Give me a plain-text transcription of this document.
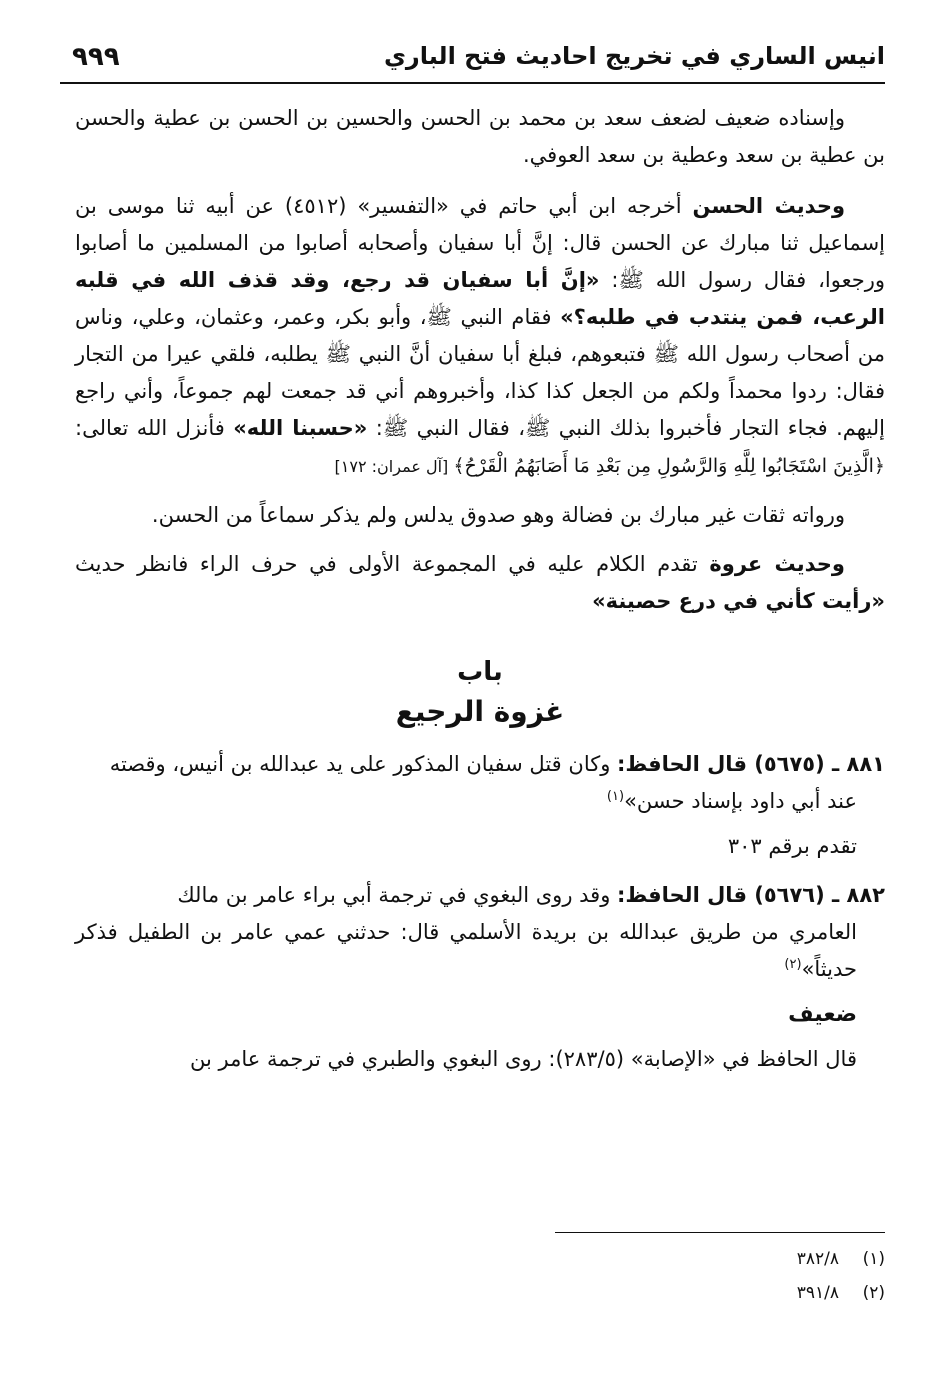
انيس الساري في تخريج احاديث فتح الباري
٩٩٩

وإسناده ضعيف لضعف سعد بن محمد بن الحسن والحسين بن الحسن بن عطية والحسن بن عطية بن سعد وعطية بن سعد العوفي.

وحديث الحسن أخرجه ابن أبي حاتم في «التفسير» (٤٥١٢) عن أبيه ثنا موسى بن إسماعيل ثنا مبارك عن الحسن قال: إنَّ أبا سفيان وأصحابه أصابوا من المسلمين ما أصابوا ورجعوا، فقال رسول الله ﷺ: «إنَّ أبا سفيان قد رجع، وقد قذف الله في قلبه الرعب، فمن ينتدب في طلبه؟» فقام النبي ﷺ، وأبو بكر، وعمر، وعثمان، وعلي، وناس من أصحاب رسول الله ﷺ فتبعوهم، فبلغ أبا سفيان أنَّ النبي ﷺ يطلبه، فلقي عيرا من التجار فقال: ردوا محمداً ولكم من الجعل كذا كذا، وأخبروهم أني قد جمعت لهم جموعاً، وأني راجع إليهم. فجاء التجار فأخبروا بذلك النبي ﷺ، فقال النبي ﷺ: «حسبنا الله» فأنزل الله تعالى: ﴿الَّذِينَ اسْتَجَابُوا لِلَّهِ وَالرَّسُولِ مِن بَعْدِ مَا أَصَابَهُمُ الْقَرْحُ﴾ [آل عمران: ١٧٢]

ورواته ثقات غير مبارك بن فضالة وهو صدوق يدلس ولم يذكر سماعاً من الحسن.

وحديث عروة تقدم الكلام عليه في المجموعة الأولى في حرف الراء فانظر حديث «رأيت كأني في درع حصينة»

باب
غزوة الرجيع
٨٨١ ـ (٥٦٧٥) قال الحافظ: وكان قتل سفيان المذكور على يد عبدالله بن أنيس، وقصته
عند أبي داود بإسناد حسن»$^{(١)}$
تقدم برقم ٣٠٣
٨٨٢ ـ (٥٦٧٦) قال الحافظ: وقد روى البغوي في ترجمة أبي براء عامر بن مالك
العامري من طريق عبدالله بن بريدة الأسلمي قال: حدثني عمي عامر بن الطفيل فذكر حديثاً»$^{(٢)}$
ضعيف
قال الحافظ في «الإصابة» (٢٨٣/٥): روى البغوي والطبري في ترجمة عامر بن
(١)٣٨٢/٨
(٢)٣٩١/٨
